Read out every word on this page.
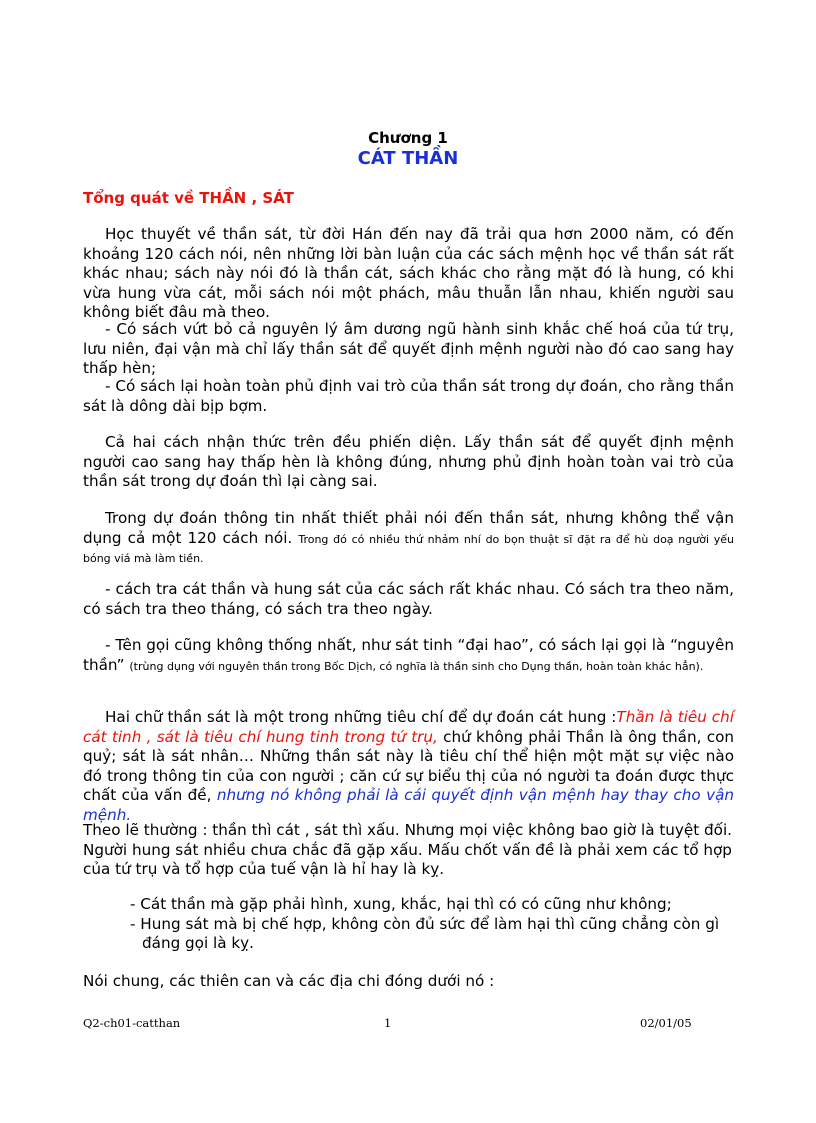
Chương 1
CÁT THẦN
Tổng quát về THẦN , SÁT
Học thuyết về thần sát, từ đời Hán đến nay đã trải qua hơn 2000 năm, có đến khoảng 120 cách nói, nên những lời bàn luận của các sách mệnh học về thần sát rất khác nhau; sách này nói đó là thần cát, sách khác cho rằng mặt đó là hung, có khi vừa hung vừa cát, mỗi sách nói một phách, mâu thuẫn lẫn nhau, khiến người sau không biết đâu mà theo.
- Có sách vứt bỏ cả nguyên lý âm dương ngũ hành sinh khắc chế hoá của tứ trụ, lưu niên, đại vận mà chỉ lấy thần sát để quyết định mệnh người nào đó cao sang hay thấp hèn;
- Có sách lại hoàn toàn phủ định vai trò của thần sát trong dự đoán, cho rằng thần sát là dông dài bịp bợm.
Cả hai cách nhận thức trên đều phiến diện. Lấy thần sát để quyết định mệnh người cao sang hay thấp hèn là không đúng, nhưng phủ định hoàn toàn vai trò của thần sát trong dự đoán thì lại càng sai.
Trong dự đoán thông tin nhất thiết phải nói đến thần sát, nhưng không thể vận dụng cả một 120 cách nói. Trong đó có nhiều thứ nhảm nhí do bọn thuật sĩ đặt ra để hù doạ người yếu bóng viá mà làm tiền.
- cách tra cát thần và hung sát của các sách rất khác nhau. Có sách tra theo năm, có sách tra theo tháng, có sách tra theo ngày.
- Tên gọi cũng không thống nhất, như sát tinh “đại hao”, có sách lại gọi là “nguyên thần” (trùng dụng với nguyên thần trong Bốc Dịch, có nghĩa là thần sinh cho Dụng thần, hoàn toàn khác hẳn).
Hai chữ thần sát là một trong những tiêu chí để dự đoán cát hung :Thần là tiêu chí cát tinh , sát là tiêu chí hung tinh trong tứ trụ, chứ không phải Thần là ông thần, con quỷ; sát là sát nhân… Những thần sát này là tiêu chí thể hiện một mặt sự việc nào đó trong thông tin của con người ; căn cứ sự biểu thị của nó người ta đoán được thực chất của vấn đề, nhưng nó không phải là cái quyết định vận mệnh hay thay cho vận mệnh.
Theo lẽ thường : thần thì cát , sát thì xấu. Nhưng mọi việc không bao giờ là tuyệt đối. Người hung sát nhiều chưa chắc đã gặp xấu. Mấu chốt vấn đề là phải xem các tổ hợp của tứ trụ và tổ hợp của tuế vận là hỉ hay là kỵ.
- Cát thần mà gặp phải hình, xung, khắc, hại thì có có cũng như không;
- Hung sát mà bị chế hợp, không còn đủ sức để làm hại thì cũng chẳng còn gì đáng gọi là kỵ.
Nói chung, các thiên can và các địa chi đóng dưới nó :
Q2-ch01-catthan	1	02/01/05
